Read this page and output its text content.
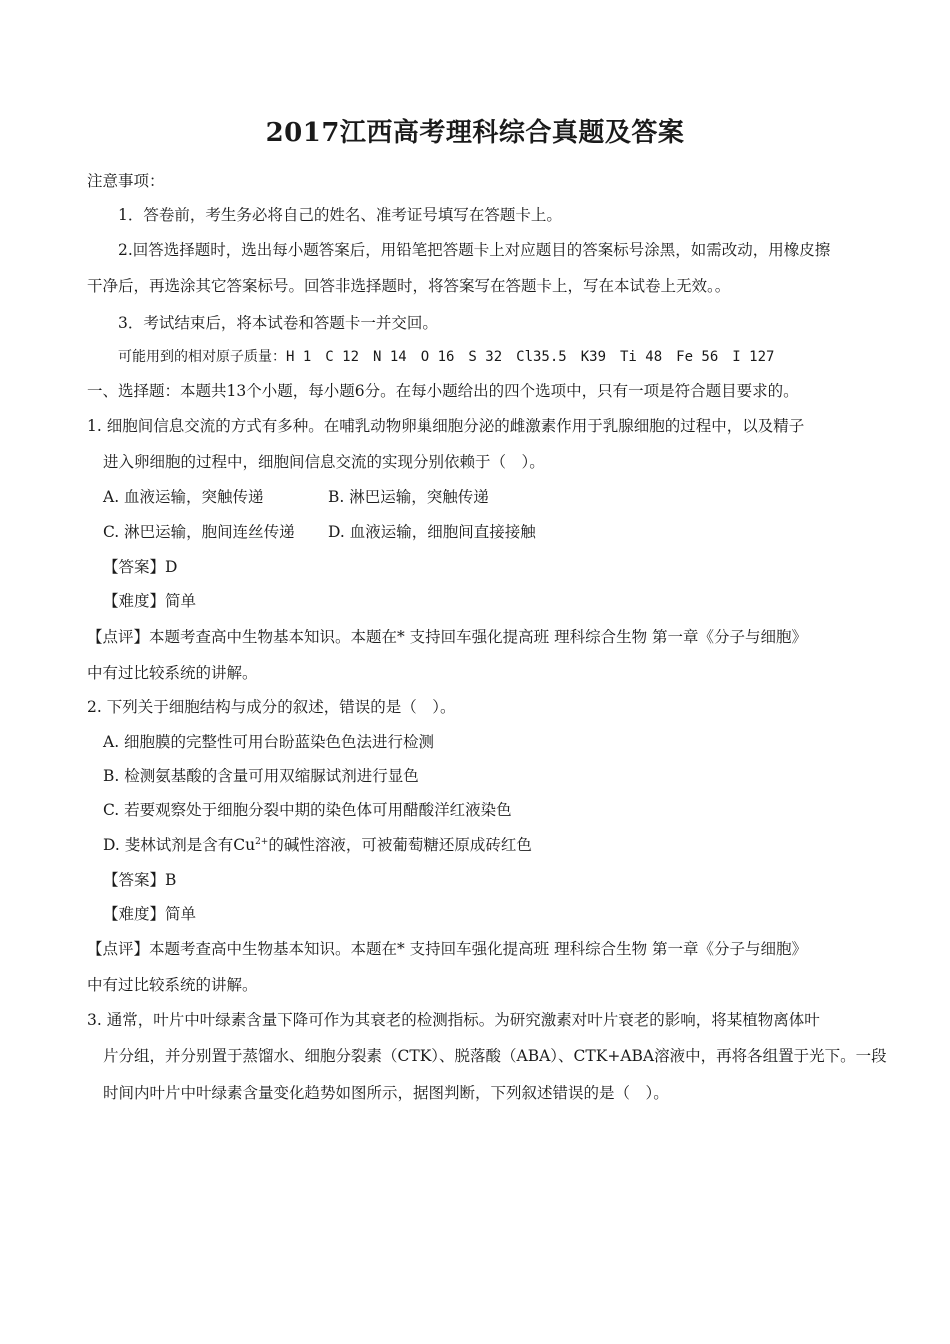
2017江西高考理科综合真题及答案
注意事项：
1．答卷前，考生务必将自己的姓名、准考证号填写在答题卡上。
2.回答选择题时，选出每小题答案后，用铅笔把答题卡上对应题目的答案标号涂黑，如需改动，用橡皮擦
干净后，再选涂其它答案标号。回答非选择题时，将答案写在答题卡上，写在本试卷上无效。。
3．考试结束后，将本试卷和答题卡一并交回。
可能用到的相对原子质量：H 1　C 12　N 14　O 16　S 32　Cl35.5　K39　Ti 48　Fe 56　I 127
一、选择题：本题共13个小题，每小题6分。在每小题给出的四个选项中，只有一项是符合题目要求的。
1. 细胞间信息交流的方式有多种。在哺乳动物卵巢细胞分泌的雌激素作用于乳腺细胞的过程中，以及精子
进入卵细胞的过程中，细胞间信息交流的实现分别依赖于（　）。
A. 血液运输，突触传递	B. 淋巴运输，突触传递
C. 淋巴运输，胞间连丝传递 D. 血液运输，细胞间直接接触
【答案】D
【难度】简单
【点评】本题考查高中生物基本知识。本题在* 支持回车强化提高班 理科综合生物 第一章《分子与细胞》
中有过比较系统的讲解。
2. 下列关于细胞结构与成分的叙述，错误的是（　）。
A. 细胞膜的完整性可用台盼蓝染色色法进行检测
B. 检测氨基酸的含量可用双缩脲试剂进行显色
C. 若要观察处于细胞分裂中期的染色体可用醋酸洋红液染色
D. 斐林试剂是含有$Cu^{2+}$的碱性溶液，可被葡萄糖还原成砖红色
【答案】B
【难度】简单
【点评】本题考查高中生物基本知识。本题在* 支持回车强化提高班 理科综合生物 第一章《分子与细胞》
中有过比较系统的讲解。
3. 通常，叶片中叶绿素含量下降可作为其衰老的检测指标。为研究激素对叶片衰老的影响，将某植物离体叶
片分组，并分别置于蒸馏水、细胞分裂素（CTK）、脱落酸（ABA）、CTK+ABA溶液中，再将各组置于光下。一段
时间内叶片中叶绿素含量变化趋势如图所示，据图判断，下列叙述错误的是（　）。
